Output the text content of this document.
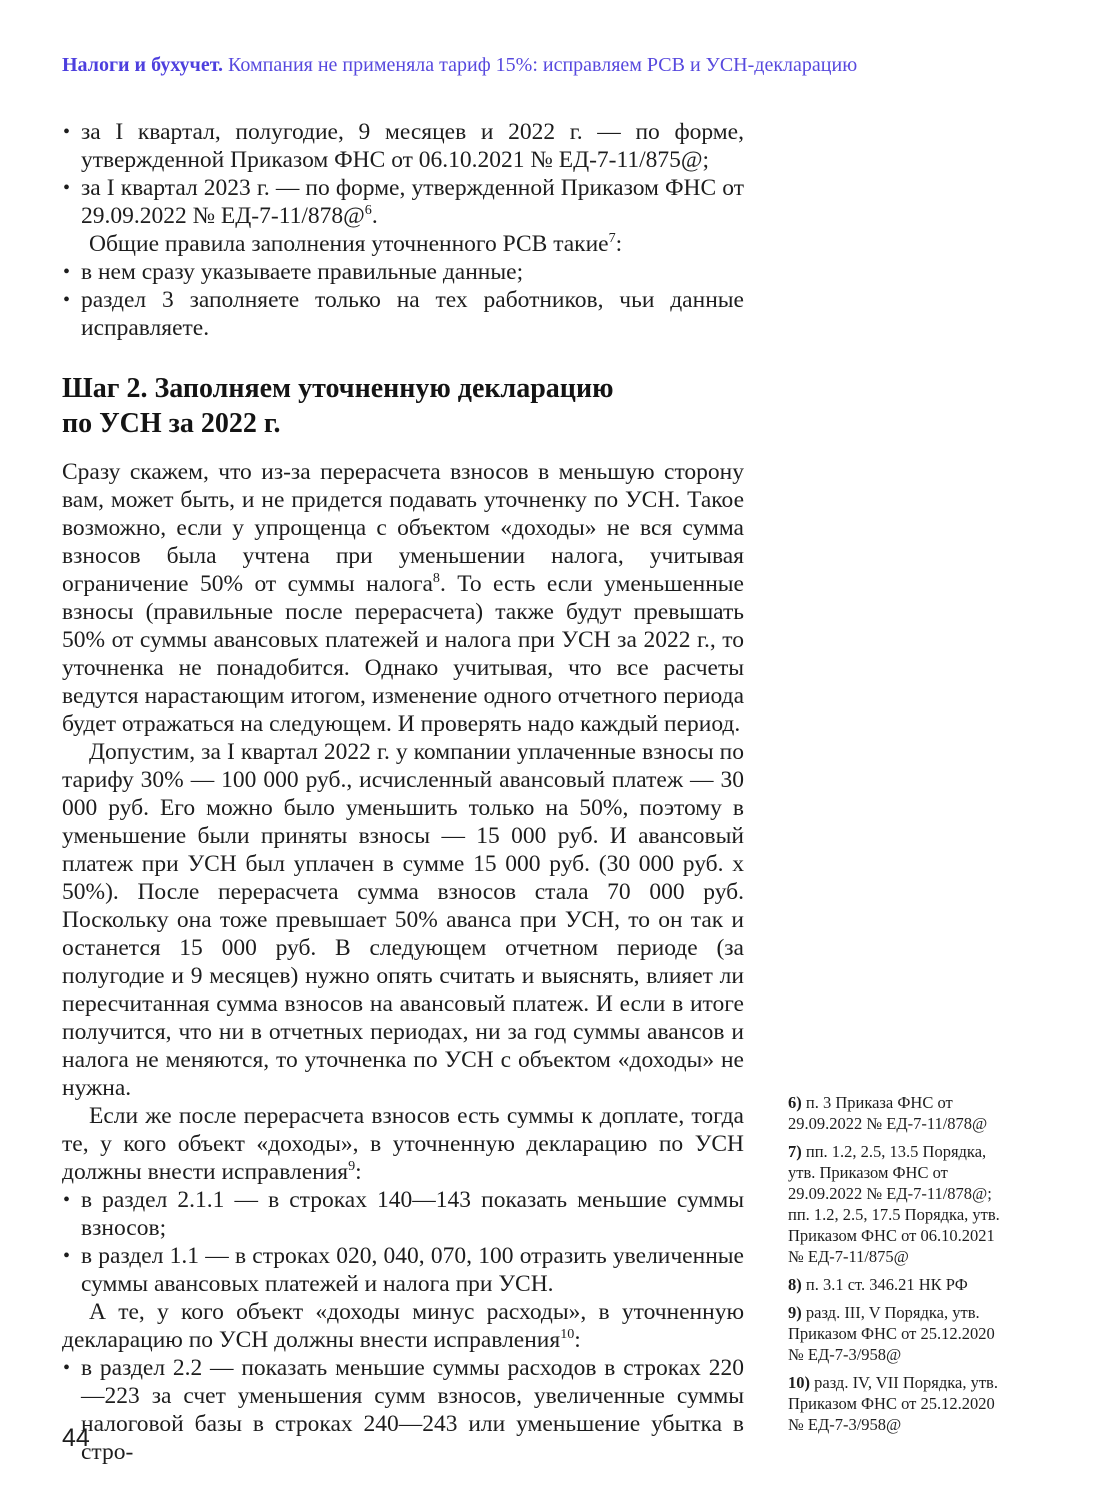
Налоги и бухучет. Компания не применяла тариф 15%: исправляем РСВ и УСН-декларацию
• за I квартал, полугодие, 9 месяцев и 2022 г. — по форме, утвержденной Приказом ФНС от 06.10.2021 № ЕД-7-11/875@;
• за I квартал 2023 г. — по форме, утвержденной Приказом ФНС от 29.09.2022 № ЕД-7-11/878@$^6$.

Общие правила заполнения уточненного РСВ такие$^7$:

• в нем сразу указываете правильные данные;
• раздел 3 заполняете только на тех работников, чьи данные исправляете.
Шаг 2. Заполняем уточненную декларацию
по УСН за 2022 г.

Сразу скажем, что из-за перерасчета взносов в меньшую сторону вам, может быть, и не придется подавать уточненку по УСН. Такое возможно, если у упрощенца с объектом «доходы» не вся сумма взносов была учтена при уменьшении налога, учитывая ограничение 50% от суммы налога$^8$. То есть если уменьшенные взносы (правильные после перерасчета) также будут превышать 50% от суммы авансовых платежей и налога при УСН за 2022 г., то уточненка не понадобится. Однако учитывая, что все расчеты ведутся нарастающим итогом, изменение одного отчетного периода будет отражаться на следующем. И проверять надо каждый период.

Допустим, за I квартал 2022 г. у компании уплаченные взносы по тарифу 30% — 100 000 руб., исчисленный авансовый платеж — 30 000 руб. Его можно было уменьшить только на 50%, поэтому в уменьшение были приняты взносы — 15 000 руб. И авансовый платеж при УСН был уплачен в сумме 15 000 руб. (30 000 руб. x 50%). После перерасчета сумма взносов стала 70 000 руб. Поскольку она тоже превышает 50% аванса при УСН, то он так и останется 15 000 руб. В следующем отчетном периоде (за полугодие и 9 месяцев) нужно опять считать и выяснять, влияет ли пересчитанная сумма взносов на авансовый платеж. И если в итоге получится, что ни в отчетных периодах, ни за год суммы авансов и налога не меняются, то уточненка по УСН с объектом «доходы» не нужна.

Если же после перерасчета взносов есть суммы к доплате, тогда те, у кого объект «доходы», в уточненную декларацию по УСН должны внести исправления$^9$:

• в раздел 2.1.1 — в строках 140—143 показать меньшие суммы взносов;
• в раздел 1.1 — в строках 020, 040, 070, 100 отразить увеличенные суммы авансовых платежей и налога при УСН.

А те, у кого объект «доходы минус расходы», в уточненную декларацию по УСН должны внести исправления$^{10}$:

• в раздел 2.2 — показать меньшие суммы расходов в строках 220—223 за счет уменьшения сумм взносов, увеличенные суммы налоговой базы в строках 240—243 или уменьшение убытка в стро-
6) п. 3 Приказа ФНС от 29.09.2022 № ЕД-7-11/878@
7) пп. 1.2, 2.5, 13.5 Порядка, утв. Приказом ФНС от 29.09.2022 № ЕД-7-11/878@; пп. 1.2, 2.5, 17.5 Порядка, утв. Приказом ФНС от 06.10.2021 № ЕД-7-11/875@
8) п. 3.1 ст. 346.21 НК РФ
9) разд. III, V Порядка, утв. Приказом ФНС от 25.12.2020 № ЕД-7-3/958@
10) разд. IV, VII Порядка, утв. Приказом ФНС от 25.12.2020 № ЕД-7-3/958@
44
